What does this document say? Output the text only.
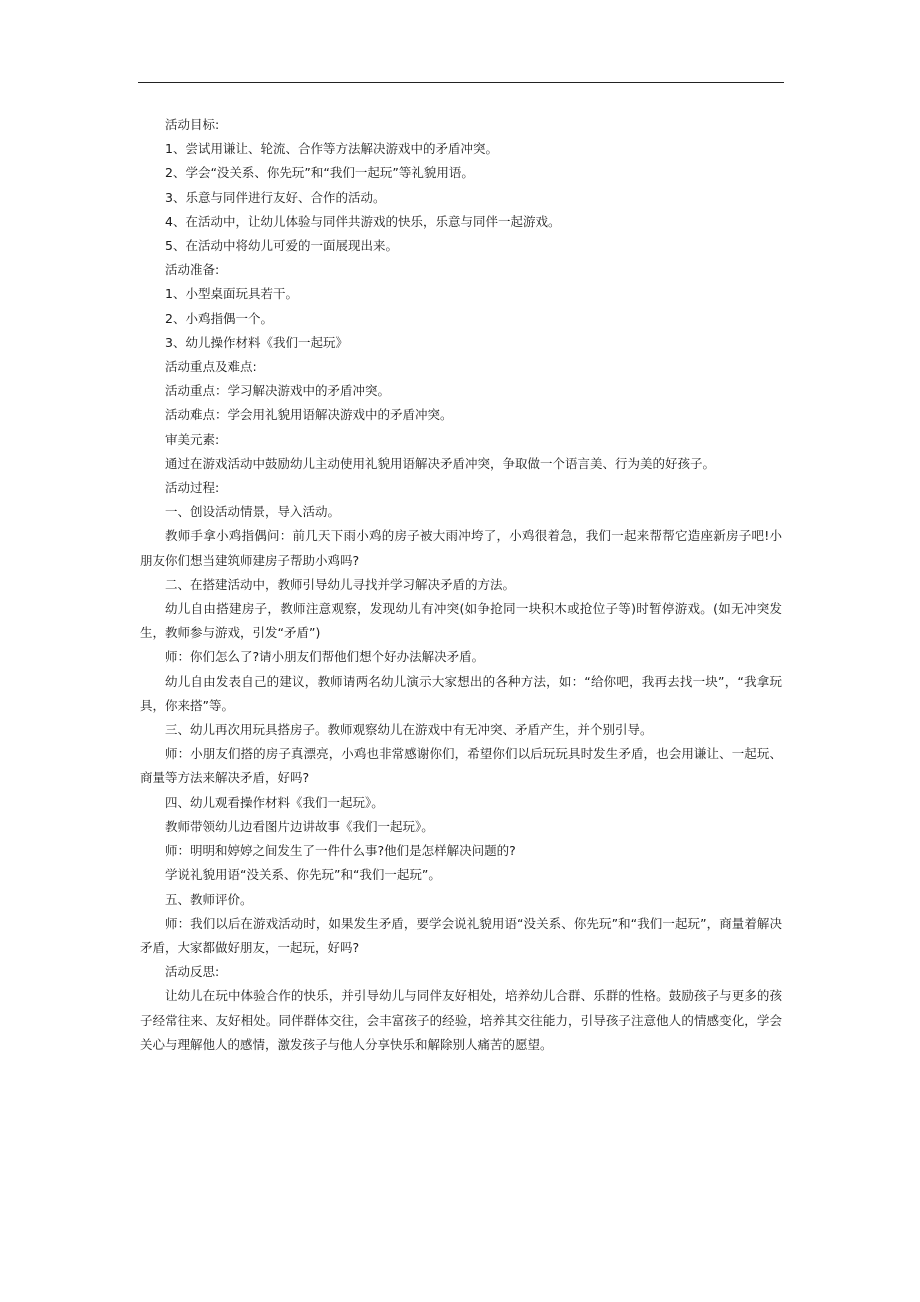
活动目标:

1、尝试用谦让、轮流、合作等方法解决游戏中的矛盾冲突。

2、学会“没关系、你先玩”和“我们一起玩”等礼貌用语。

3、乐意与同伴进行友好、合作的活动。

4、在活动中，让幼儿体验与同伴共游戏的快乐，乐意与同伴一起游戏。

5、在活动中将幼儿可爱的一面展现出来。

活动准备:

1、小型桌面玩具若干。

2、小鸡指偶一个。

3、幼儿操作材料《我们一起玩》

活动重点及难点:

活动重点：学习解决游戏中的矛盾冲突。

活动难点：学会用礼貌用语解决游戏中的矛盾冲突。

审美元素:

通过在游戏活动中鼓励幼儿主动使用礼貌用语解决矛盾冲突，争取做一个语言美、行为美的好孩子。

活动过程:

一、创设活动情景，导入活动。

教师手拿小鸡指偶问：前几天下雨小鸡的房子被大雨冲垮了，小鸡很着急，我们一起来帮帮它造座新房子吧!小朋友你们想当建筑师建房子帮助小鸡吗?

二、在搭建活动中，教师引导幼儿寻找并学习解决矛盾的方法。

幼儿自由搭建房子，教师注意观察，发现幼儿有冲突(如争抢同一块积木或抢位子等)时暂停游戏。(如无冲突发生，教师参与游戏，引发“矛盾”)

师：你们怎么了?请小朋友们帮他们想个好办法解决矛盾。

幼儿自由发表自己的建议，教师请两名幼儿演示大家想出的各种方法，如：“给你吧，我再去找一块”，“我拿玩具，你来搭”等。

三、幼儿再次用玩具搭房子。教师观察幼儿在游戏中有无冲突、矛盾产生，并个别引导。

师：小朋友们搭的房子真漂亮，小鸡也非常感谢你们，希望你们以后玩玩具时发生矛盾，也会用谦让、一起玩、商量等方法来解决矛盾，好吗?

四、幼儿观看操作材料《我们一起玩》。

教师带领幼儿边看图片边讲故事《我们一起玩》。

师：明明和婷婷之间发生了一件什么事?他们是怎样解决问题的?

学说礼貌用语“没关系、你先玩”和“我们一起玩”。

五、教师评价。

师：我们以后在游戏活动时，如果发生矛盾，要学会说礼貌用语“没关系、你先玩”和“我们一起玩”，商量着解决矛盾，大家都做好朋友，一起玩，好吗?

活动反思:

让幼儿在玩中体验合作的快乐，并引导幼儿与同伴友好相处，培养幼儿合群、乐群的性格。鼓励孩子与更多的孩子经常往来、友好相处。同伴群体交往，会丰富孩子的经验，培养其交往能力，引导孩子注意他人的情感变化，学会关心与理解他人的感情，激发孩子与他人分享快乐和解除别人痛苦的愿望。
